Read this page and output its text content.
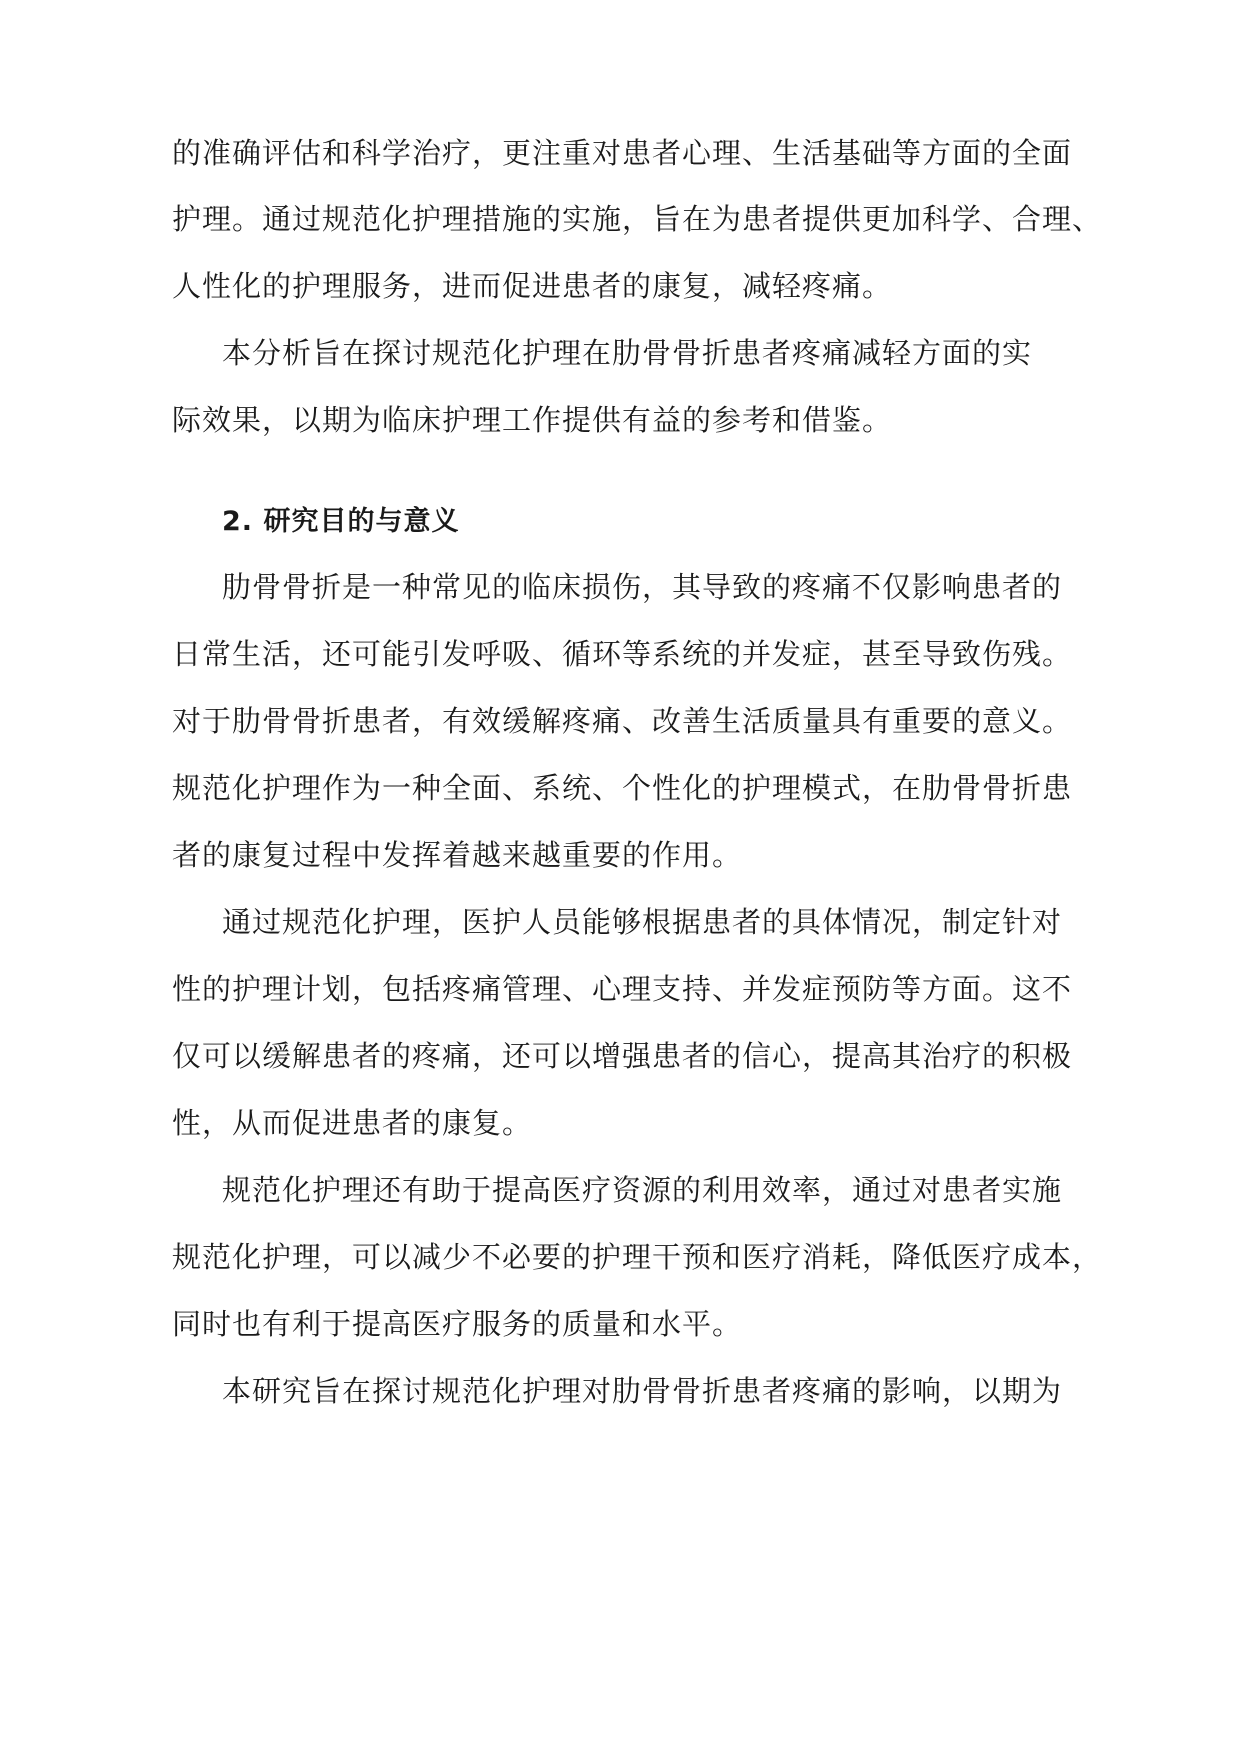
的准确评估和科学治疗，更注重对患者心理、生活基础等方面的全面

护理。通过规范化护理措施的实施，旨在为患者提供更加科学、合理、

人性化的护理服务，进而促进患者的康复，减轻疼痛。

本分析旨在探讨规范化护理在肋骨骨折患者疼痛减轻方面的实

际效果，以期为临床护理工作提供有益的参考和借鉴。

2. 研究目的与意义

肋骨骨折是一种常见的临床损伤，其导致的疼痛不仅影响患者的

日常生活，还可能引发呼吸、循环等系统的并发症，甚至导致伤残。

对于肋骨骨折患者，有效缓解疼痛、改善生活质量具有重要的意义。

规范化护理作为一种全面、系统、个性化的护理模式，在肋骨骨折患

者的康复过程中发挥着越来越重要的作用。

通过规范化护理，医护人员能够根据患者的具体情况，制定针对

性的护理计划，包括疼痛管理、心理支持、并发症预防等方面。这不

仅可以缓解患者的疼痛，还可以增强患者的信心，提高其治疗的积极

性，从而促进患者的康复。

规范化护理还有助于提高医疗资源的利用效率，通过对患者实施

规范化护理，可以减少不必要的护理干预和医疗消耗，降低医疗成本，

同时也有利于提高医疗服务的质量和水平。

本研究旨在探讨规范化护理对肋骨骨折患者疼痛的影响，以期为
